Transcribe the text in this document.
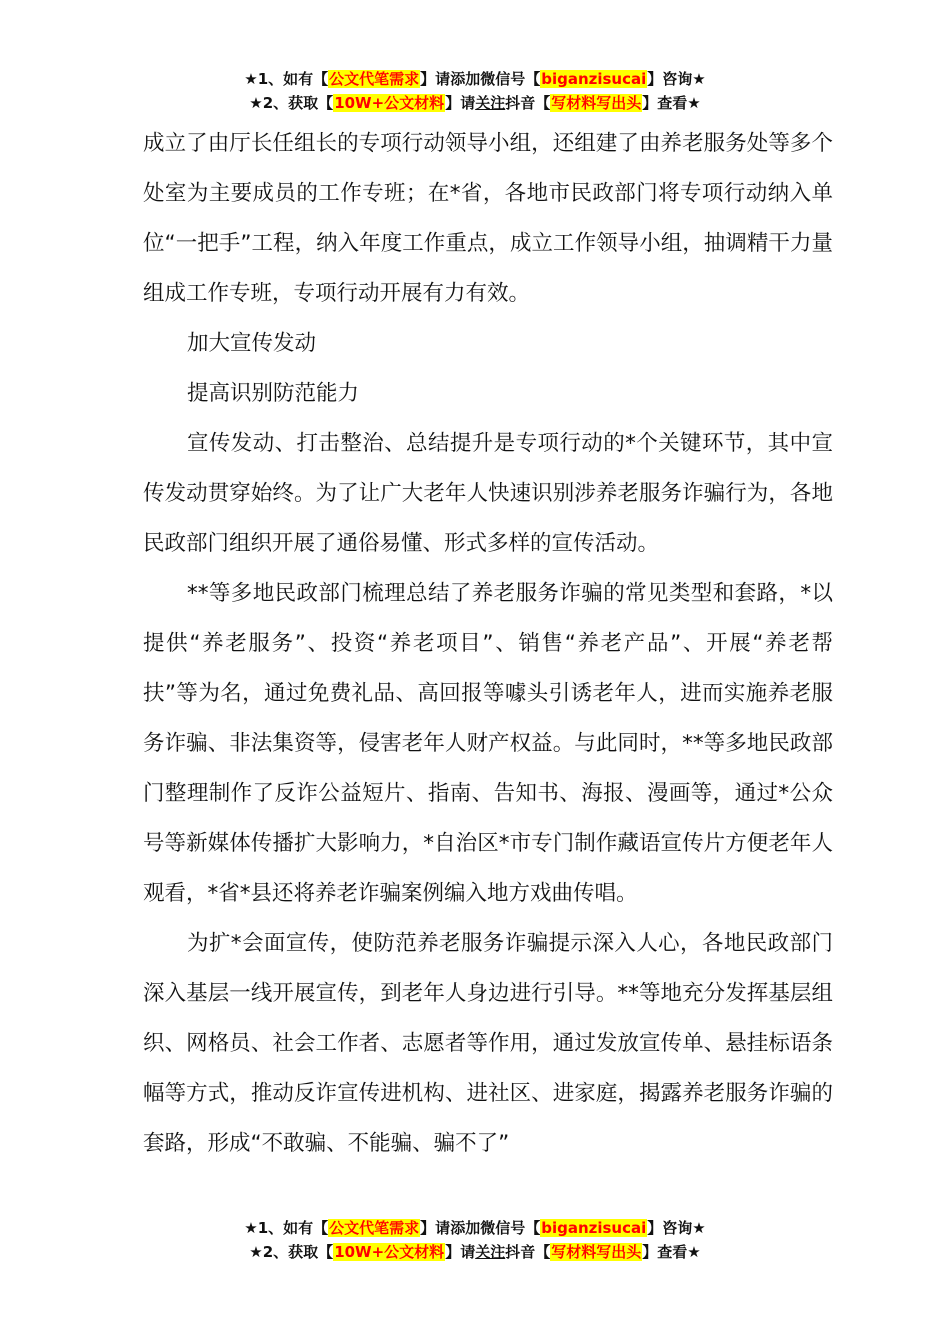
★1、如有【公文代笔需求】请添加微信号【biganzisucai】咨询★
★2、获取【10W+公文材料】请关注抖音【写材料写出头】查看★

成立了由厅长任组长的专项行动领导小组，还组建了由养老服务处等多个处室为主要成员的工作专班；在*省，各地市民政部门将专项行动纳入单位“一把手”工程，纳入年度工作重点，成立工作领导小组，抽调精干力量组成工作专班，专项行动开展有力有效。

加大宣传发动

提高识别防范能力

宣传发动、打击整治、总结提升是专项行动的*个关键环节，其中宣传发动贯穿始终。为了让广大老年人快速识别涉养老服务诈骗行为，各地民政部门组织开展了通俗易懂、形式多样的宣传活动。

**等多地民政部门梳理总结了养老服务诈骗的常见类型和套路，*以提供“养老服务”、投资“养老项目”、销售“养老产品”、开展“养老帮扶”等为名，通过免费礼品、高回报等噱头引诱老年人，进而实施养老服务诈骗、非法集资等，侵害老年人财产权益。与此同时，**等多地民政部门整理制作了反诈公益短片、指南、告知书、海报、漫画等，通过*公众号等新媒体传播扩大影响力，*自治区*市专门制作藏语宣传片方便老年人观看，*省*县还将养老诈骗案例编入地方戏曲传唱。

为扩*会面宣传，使防范养老服务诈骗提示深入人心，各地民政部门深入基层一线开展宣传，到老年人身边进行引导。**等地充分发挥基层组织、网格员、社会工作者、志愿者等作用，通过发放宣传单、悬挂标语条幅等方式，推动反诈宣传进机构、进社区、进家庭，揭露养老服务诈骗的套路，形成“不敢骗、不能骗、骗不了”

★1、如有【公文代笔需求】请添加微信号【biganzisucai】咨询★
★2、获取【10W+公文材料】请关注抖音【写材料写出头】查看★
